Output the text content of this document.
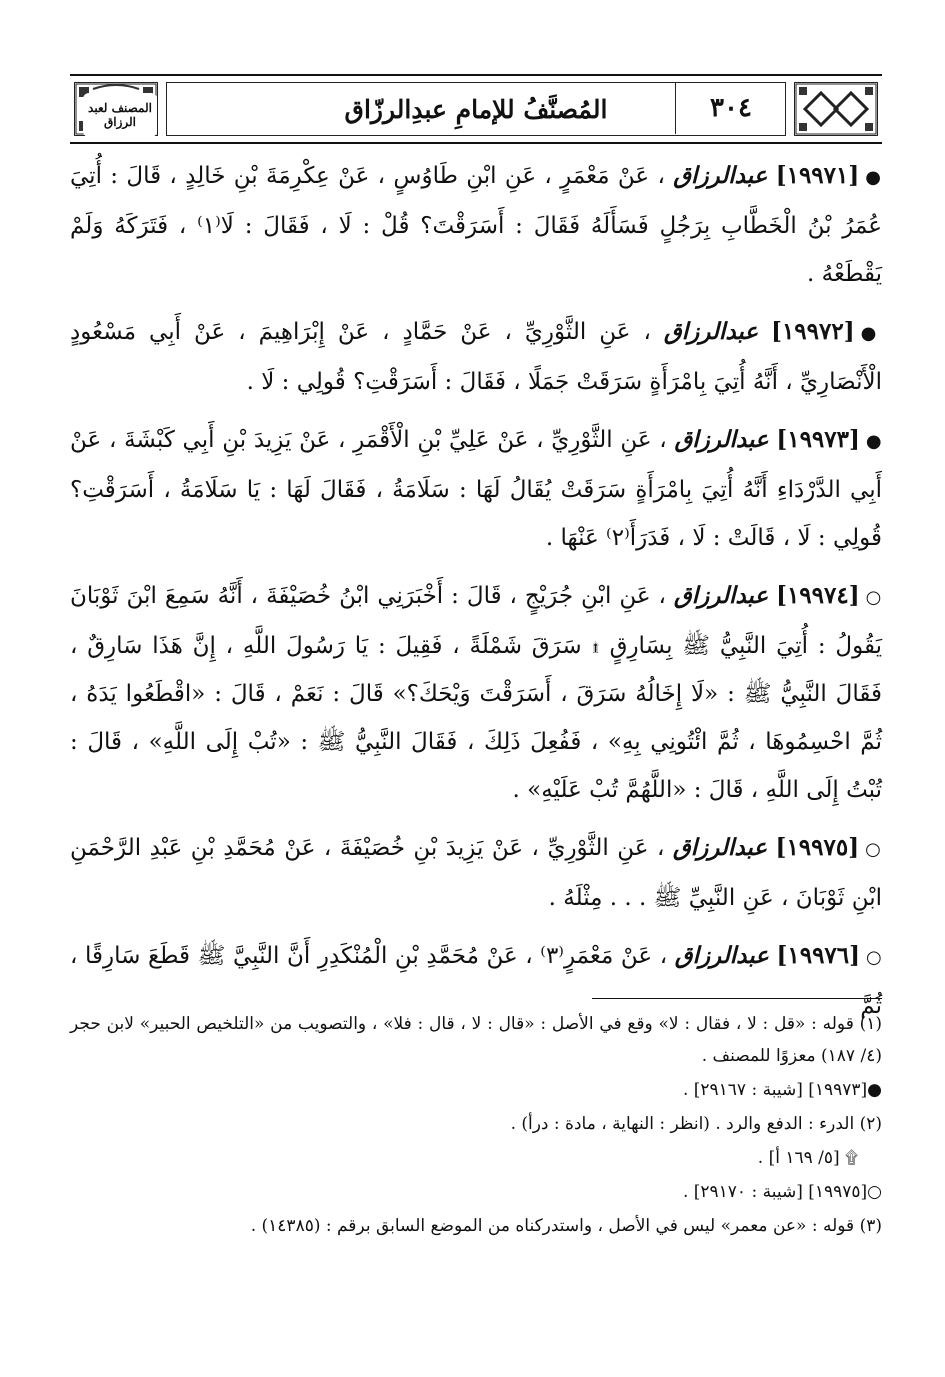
المصنف لعبد الرزاق	المُصنَّفُ للإمامِ عبدِالرزّاق	٣٠٤

●[١٩٩٧١] عبدالرزاق ، عَنْ مَعْمَرٍ ، عَنِ ابْنِ طَاوُسٍ ، عَنْ عِكْرِمَةَ بْنِ خَالِدٍ ، قَالَ : أُتِيَ عُمَرُ بْنُ الْخَطَّابِ بِرَجُلٍ فَسَأَلَهُ فَقَالَ : أَسَرَقْتَ؟ قُلْ : لَا ، فَقَالَ : لَا⁽١⁾ ، فَتَرَكَهُ وَلَمْ يَقْطَعْهُ .

●[١٩٩٧٢] عبدالرزاق ، عَنِ الثَّوْرِيِّ ، عَنْ حَمَّادٍ ، عَنْ إِبْرَاهِيمَ ، عَنْ أَبِي مَسْعُودٍ الْأَنْصَارِيِّ ، أَنَّهُ أُتِيَ بِامْرَأَةٍ سَرَقَتْ جَمَلًا ، فَقَالَ : أَسَرَقْتِ؟ قُولِي : لَا .

●[١٩٩٧٣] عبدالرزاق ، عَنِ الثَّوْرِيِّ ، عَنْ عَلِيِّ بْنِ الْأَقْمَرِ ، عَنْ يَزِيدَ بْنِ أَبِي كَبْشَةَ ، عَنْ أَبِي الدَّرْدَاءِ أَنَّهُ أُتِيَ بِامْرَأَةٍ سَرَقَتْ يُقَالُ لَهَا : سَلَامَةُ ، فَقَالَ لَهَا : يَا سَلَامَةُ ، أَسَرَقْتِ؟ قُولِي : لَا ، قَالَتْ : لَا ، فَدَرَأَ⁽٢⁾ عَنْهَا .

○[١٩٩٧٤] عبدالرزاق ، عَنِ ابْنِ جُرَيْجٍ ، قَالَ : أَخْبَرَنِي ابْنُ خُصَيْفَةَ ، أَنَّهُ سَمِعَ ابْنَ ثَوْبَانَ يَقُولُ : أُتِيَ النَّبِيُّ ﷺ بِسَارِقٍ ۩ سَرَقَ شَمْلَةً ، فَقِيلَ : يَا رَسُولَ اللَّهِ ، إِنَّ هَذَا سَارِقٌ ، فَقَالَ النَّبِيُّ ﷺ : «لَا إِخَالُهُ سَرَقَ ، أَسَرَقْتَ وَيْحَكَ؟» قَالَ : نَعَمْ ، قَالَ : «اقْطَعُوا يَدَهُ ، ثُمَّ احْسِمُوهَا ، ثُمَّ ائْتُونِي بِهِ» ، فَفُعِلَ ذَلِكَ ، فَقَالَ النَّبِيُّ ﷺ : «تُبْ إِلَى اللَّهِ» ، قَالَ : تُبْتُ إِلَى اللَّهِ ، قَالَ : «اللَّهُمَّ تُبْ عَلَيْهِ» .

○[١٩٩٧٥] عبدالرزاق ، عَنِ الثَّوْرِيِّ ، عَنْ يَزِيدَ بْنِ خُصَيْفَةَ ، عَنْ مُحَمَّدِ بْنِ عَبْدِ الرَّحْمَنِ ابْنِ ثَوْبَانَ ، عَنِ النَّبِيِّ ﷺ . . . مِثْلَهُ .

○[١٩٩٧٦] عبدالرزاق ، عَنْ مَعْمَرٍ⁽٣⁾ ، عَنْ مُحَمَّدِ بْنِ الْمُنْكَدِرِ أَنَّ النَّبِيَّ ﷺ قَطَعَ سَارِقًا ، ثُمَّ

(١) قوله : «قل : لا ، فقال : لا» وقع في الأصل : «قال : لا ، قال : فلا» ، والتصويب من «التلخيص الحبير» لابن حجر (٤/ ١٨٧) معزوًا للمصنف .

●[١٩٩٧٣] [شيبة : ٢٩١٦٧] .

(٢) الدرء : الدفع والرد . (انظر : النهاية ، مادة : درأ) .

۩ [٥/ ١٦٩ أ] .

○[١٩٩٧٥] [شيبة : ٢٩١٧٠] .

(٣) قوله : «عن معمر» ليس في الأصل ، واستدركناه من الموضع السابق برقم : (١٤٣٨٥) .
